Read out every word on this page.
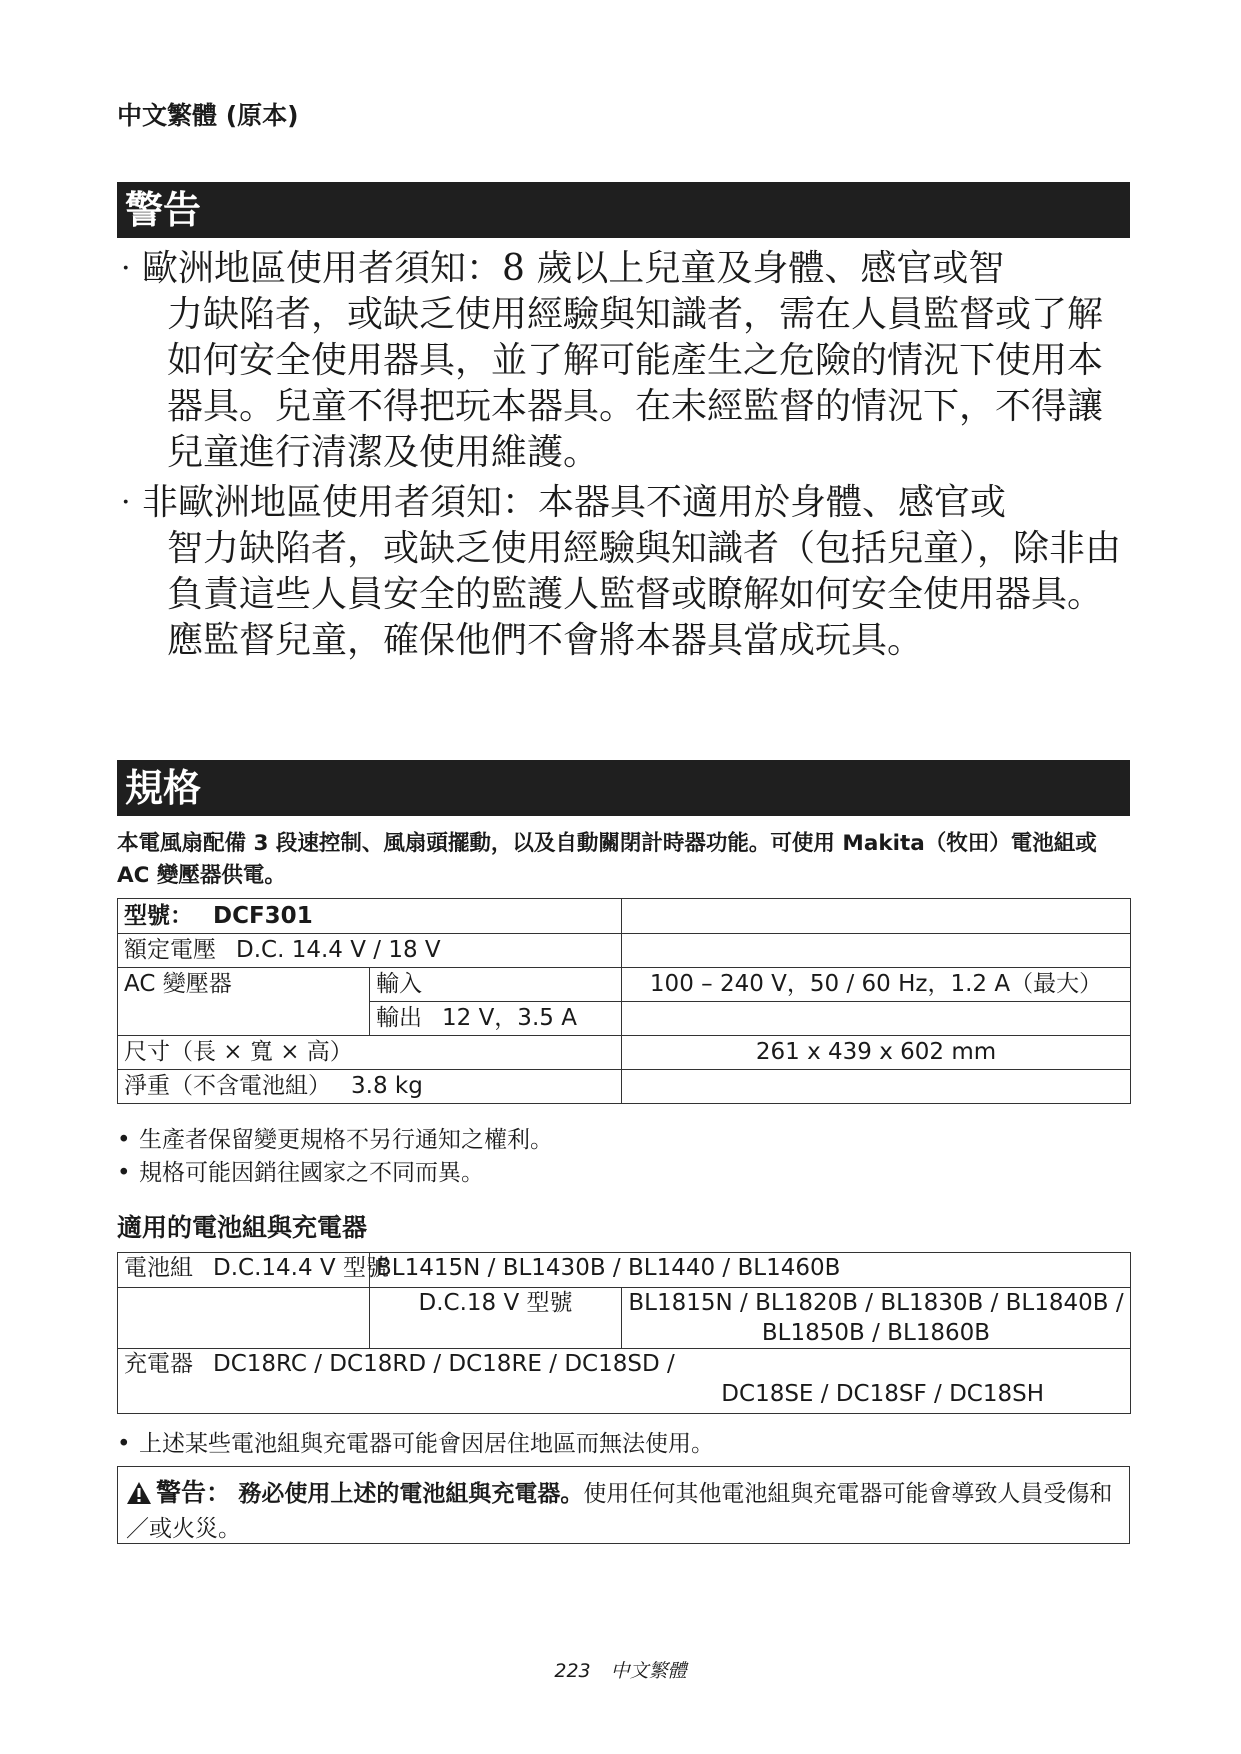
中文繁體 (原本)
警告
· 歐洲地區使用者須知：8 歲以上兒童及身體、感官或智
力缺陷者，或缺乏使用經驗與知識者，需在人員監督或了解如何安全使用器具，並了解可能產生之危險的情況下使用本器具。兒童不得把玩本器具。在未經監督的情況下，不得讓兒童進行清潔及使用維護。
· 非歐洲地區使用者須知：本器具不適用於身體、感官或
智力缺陷者，或缺乏使用經驗與知識者（包括兒童），除非由負責這些人員安全的監護人監督或瞭解如何安全使用器具。應監督兒童，確保他們不會將本器具當成玩具。
規格

本電風扇配備 3 段速控制、風扇頭擺動，以及自動關閉計時器功能。可使用 Makita（牧田）電池組或 AC 變壓器供電。

型號： DCF301		
額定電壓 D.C. 14.4 V / 18 V		
AC 變壓器	輸入	100 – 240 V，50 / 60 Hz，1.2 A（最大）
	輸出 12 V，3.5 A	
尺寸（長 × 寬 × 高）		261 x 439 x 602 mm
淨重（不含電池組） 3.8 kg		
• 生產者保留變更規格不另行通知之權利。
• 規格可能因銷往國家之不同而異。
適用的電池組與充電器
電池組 D.C.14.4 V 型號	BL1415N / BL1430B / BL1440 / BL1460B	
	D.C.18 V 型號	BL1815N / BL1820B / BL1830B / BL1840B /
BL1850B / BL1860B

充電器 DC18RC / DC18RD / DC18RE / DC18SD /
DC18SE / DC18SF / DC18SH		
• 上述某些電池組與充電器可能會因居住地區而無法使用。
警告： 務必使用上述的電池組與充電器。使用任何其他電池組與充電器可能會導致人員受傷和／或火災。
223 中文繁體
